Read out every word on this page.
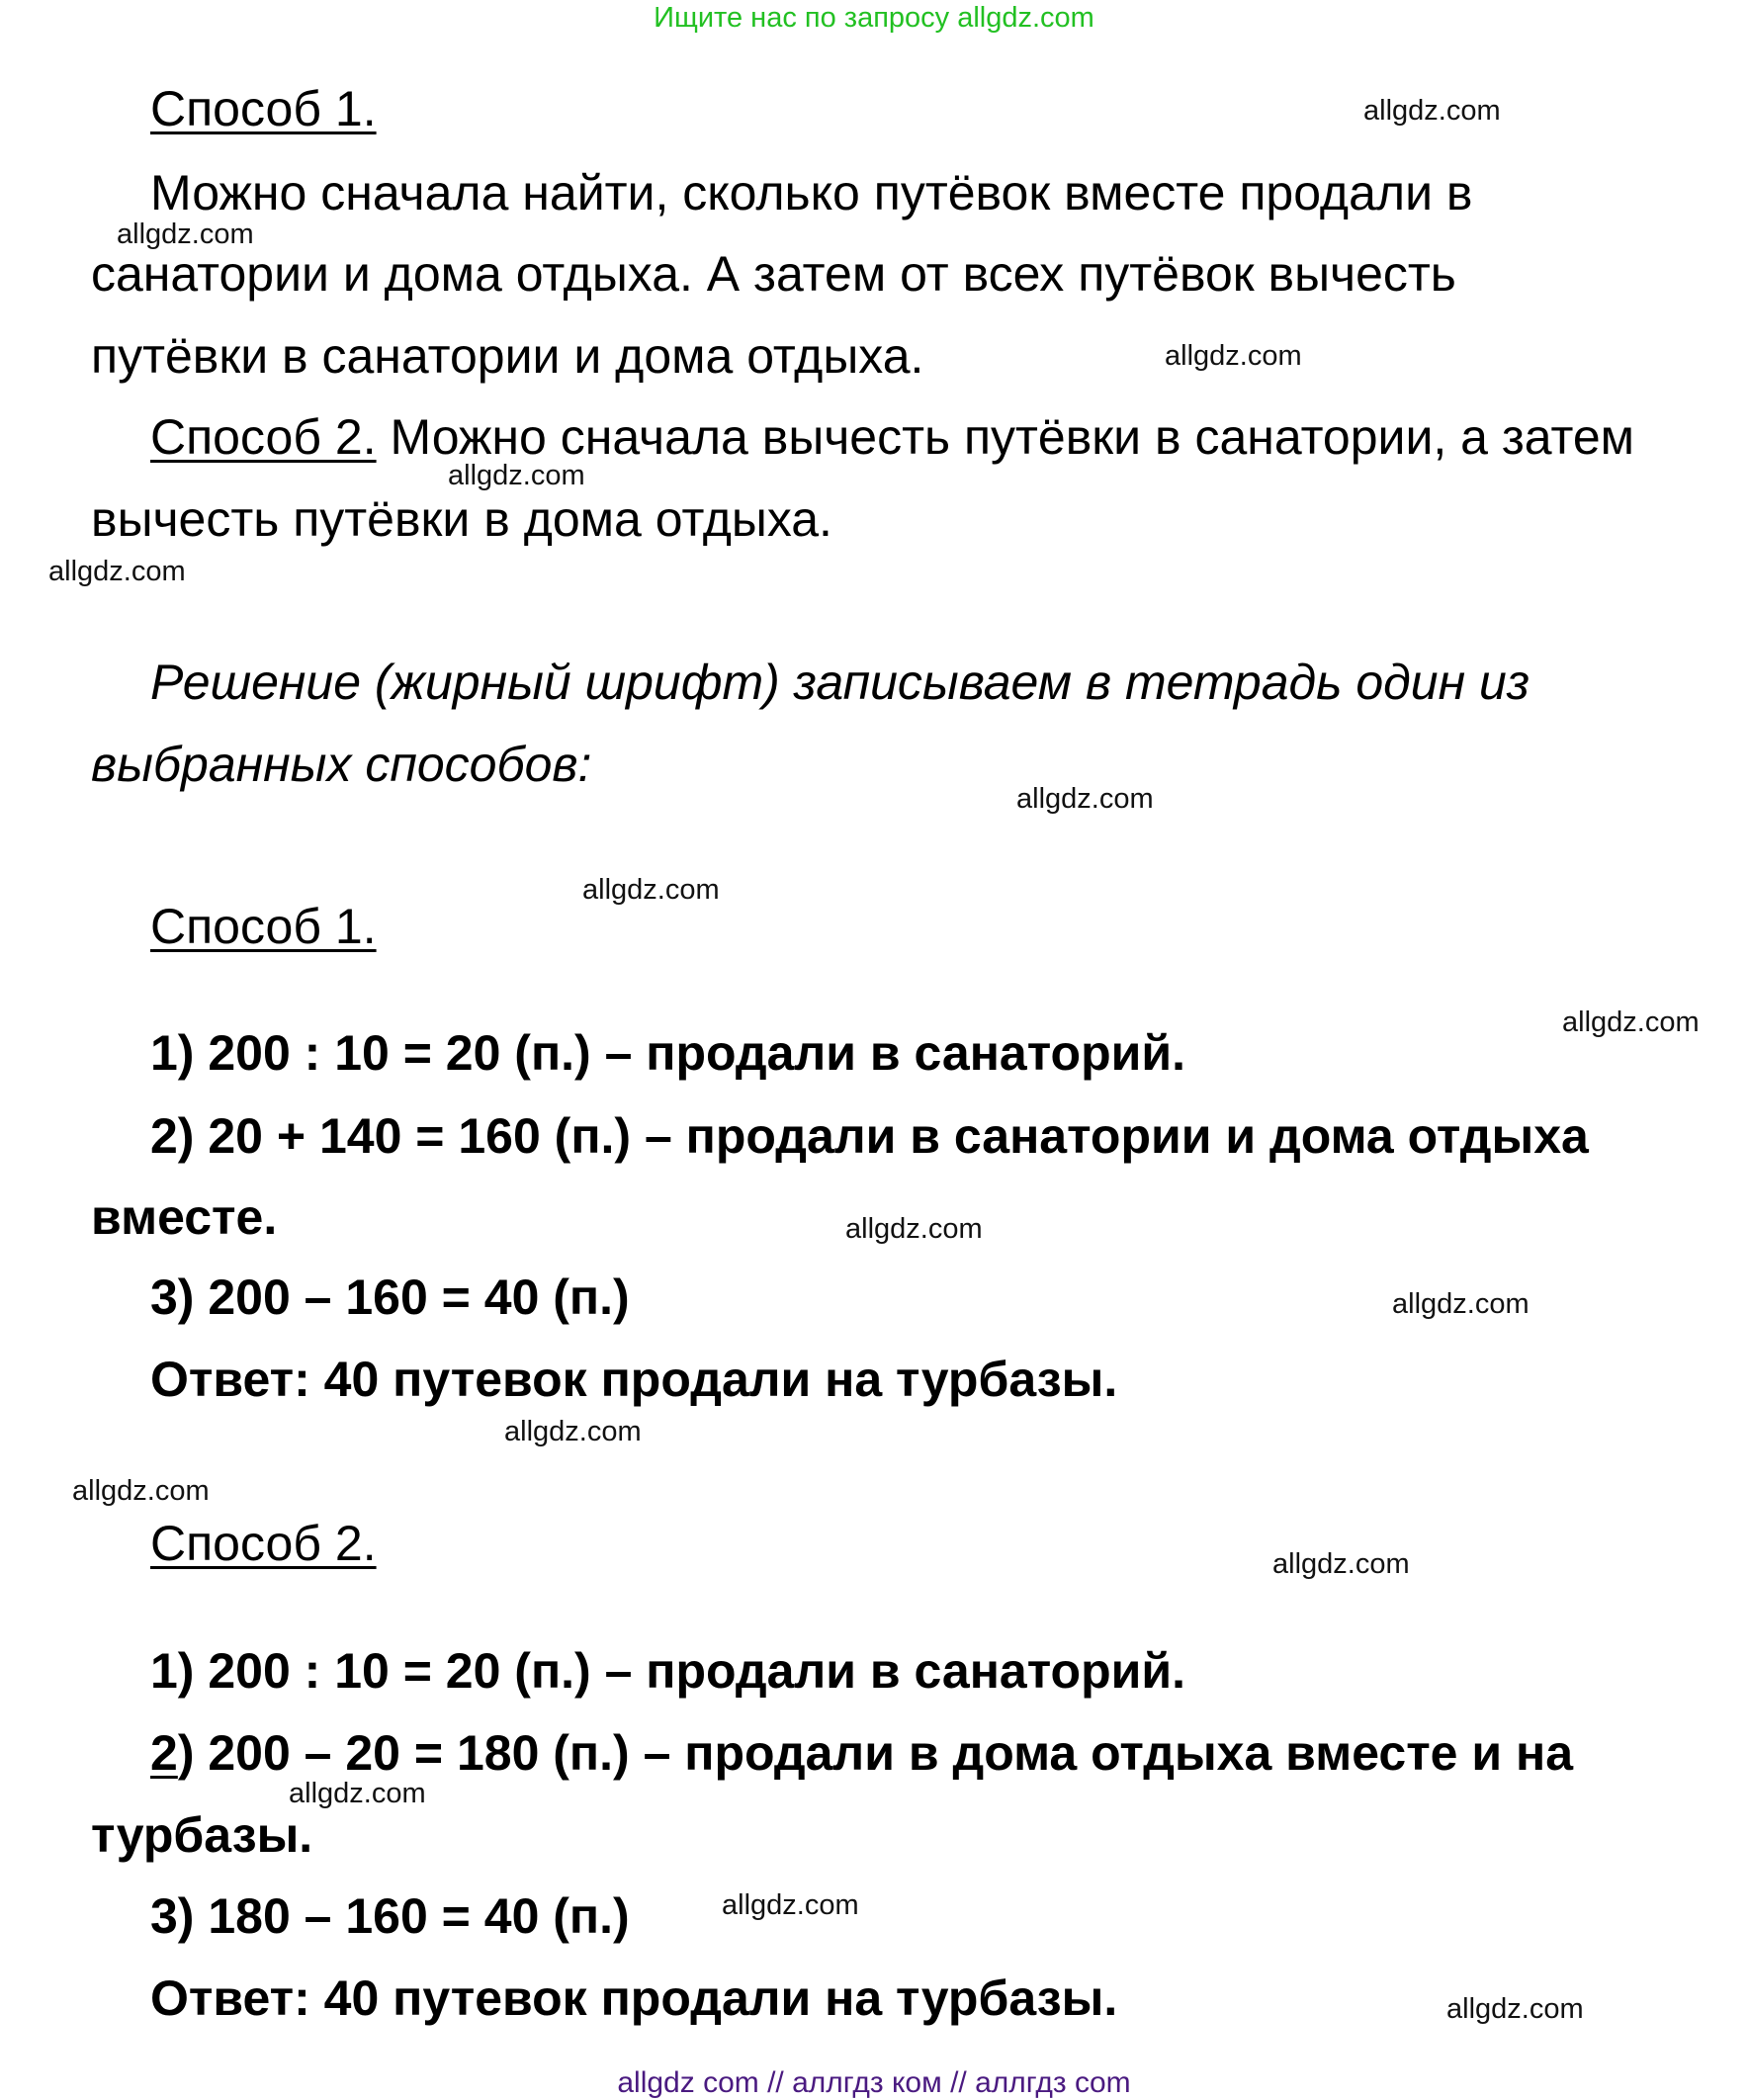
Ищите нас по запросу allgdz.com
Способ 1.
Можно сначала найти, сколько путёвок вместе продали в
санатории и дома отдыха. А затем от всех путёвок вычесть
путёвки в санатории и дома отдыха.
Способ 2. Можно сначала вычесть путёвки в санатории, а затем
вычесть путёвки в дома отдыха.
Решение (жирный шрифт) записываем в тетрадь один из
выбранных способов:
Способ 1.
1) 200 : 10 = 20 (п.) – продали в санаторий.
2) 20 + 140 = 160 (п.) – продали в санатории и дома отдыха
вместе.
3) 200 – 160 = 40 (п.)
Ответ: 40 путевок продали на турбазы.
Способ 2.
1) 200 : 10 = 20 (п.) – продали в санаторий.
2) 200 – 20 = 180 (п.) – продали в дома отдыха вместе и на
турбазы.
3) 180 – 160 = 40 (п.)
Ответ: 40 путевок продали на турбазы.
allgdz.com
allgdz.com
allgdz.com
allgdz.com
allgdz.com
allgdz.com
allgdz.com
allgdz.com
allgdz.com
allgdz.com
allgdz.com
allgdz.com
allgdz.com
allgdz.com
allgdz.com
allgdz.com
allgdz com // аллгдз ком // аллгдз com
